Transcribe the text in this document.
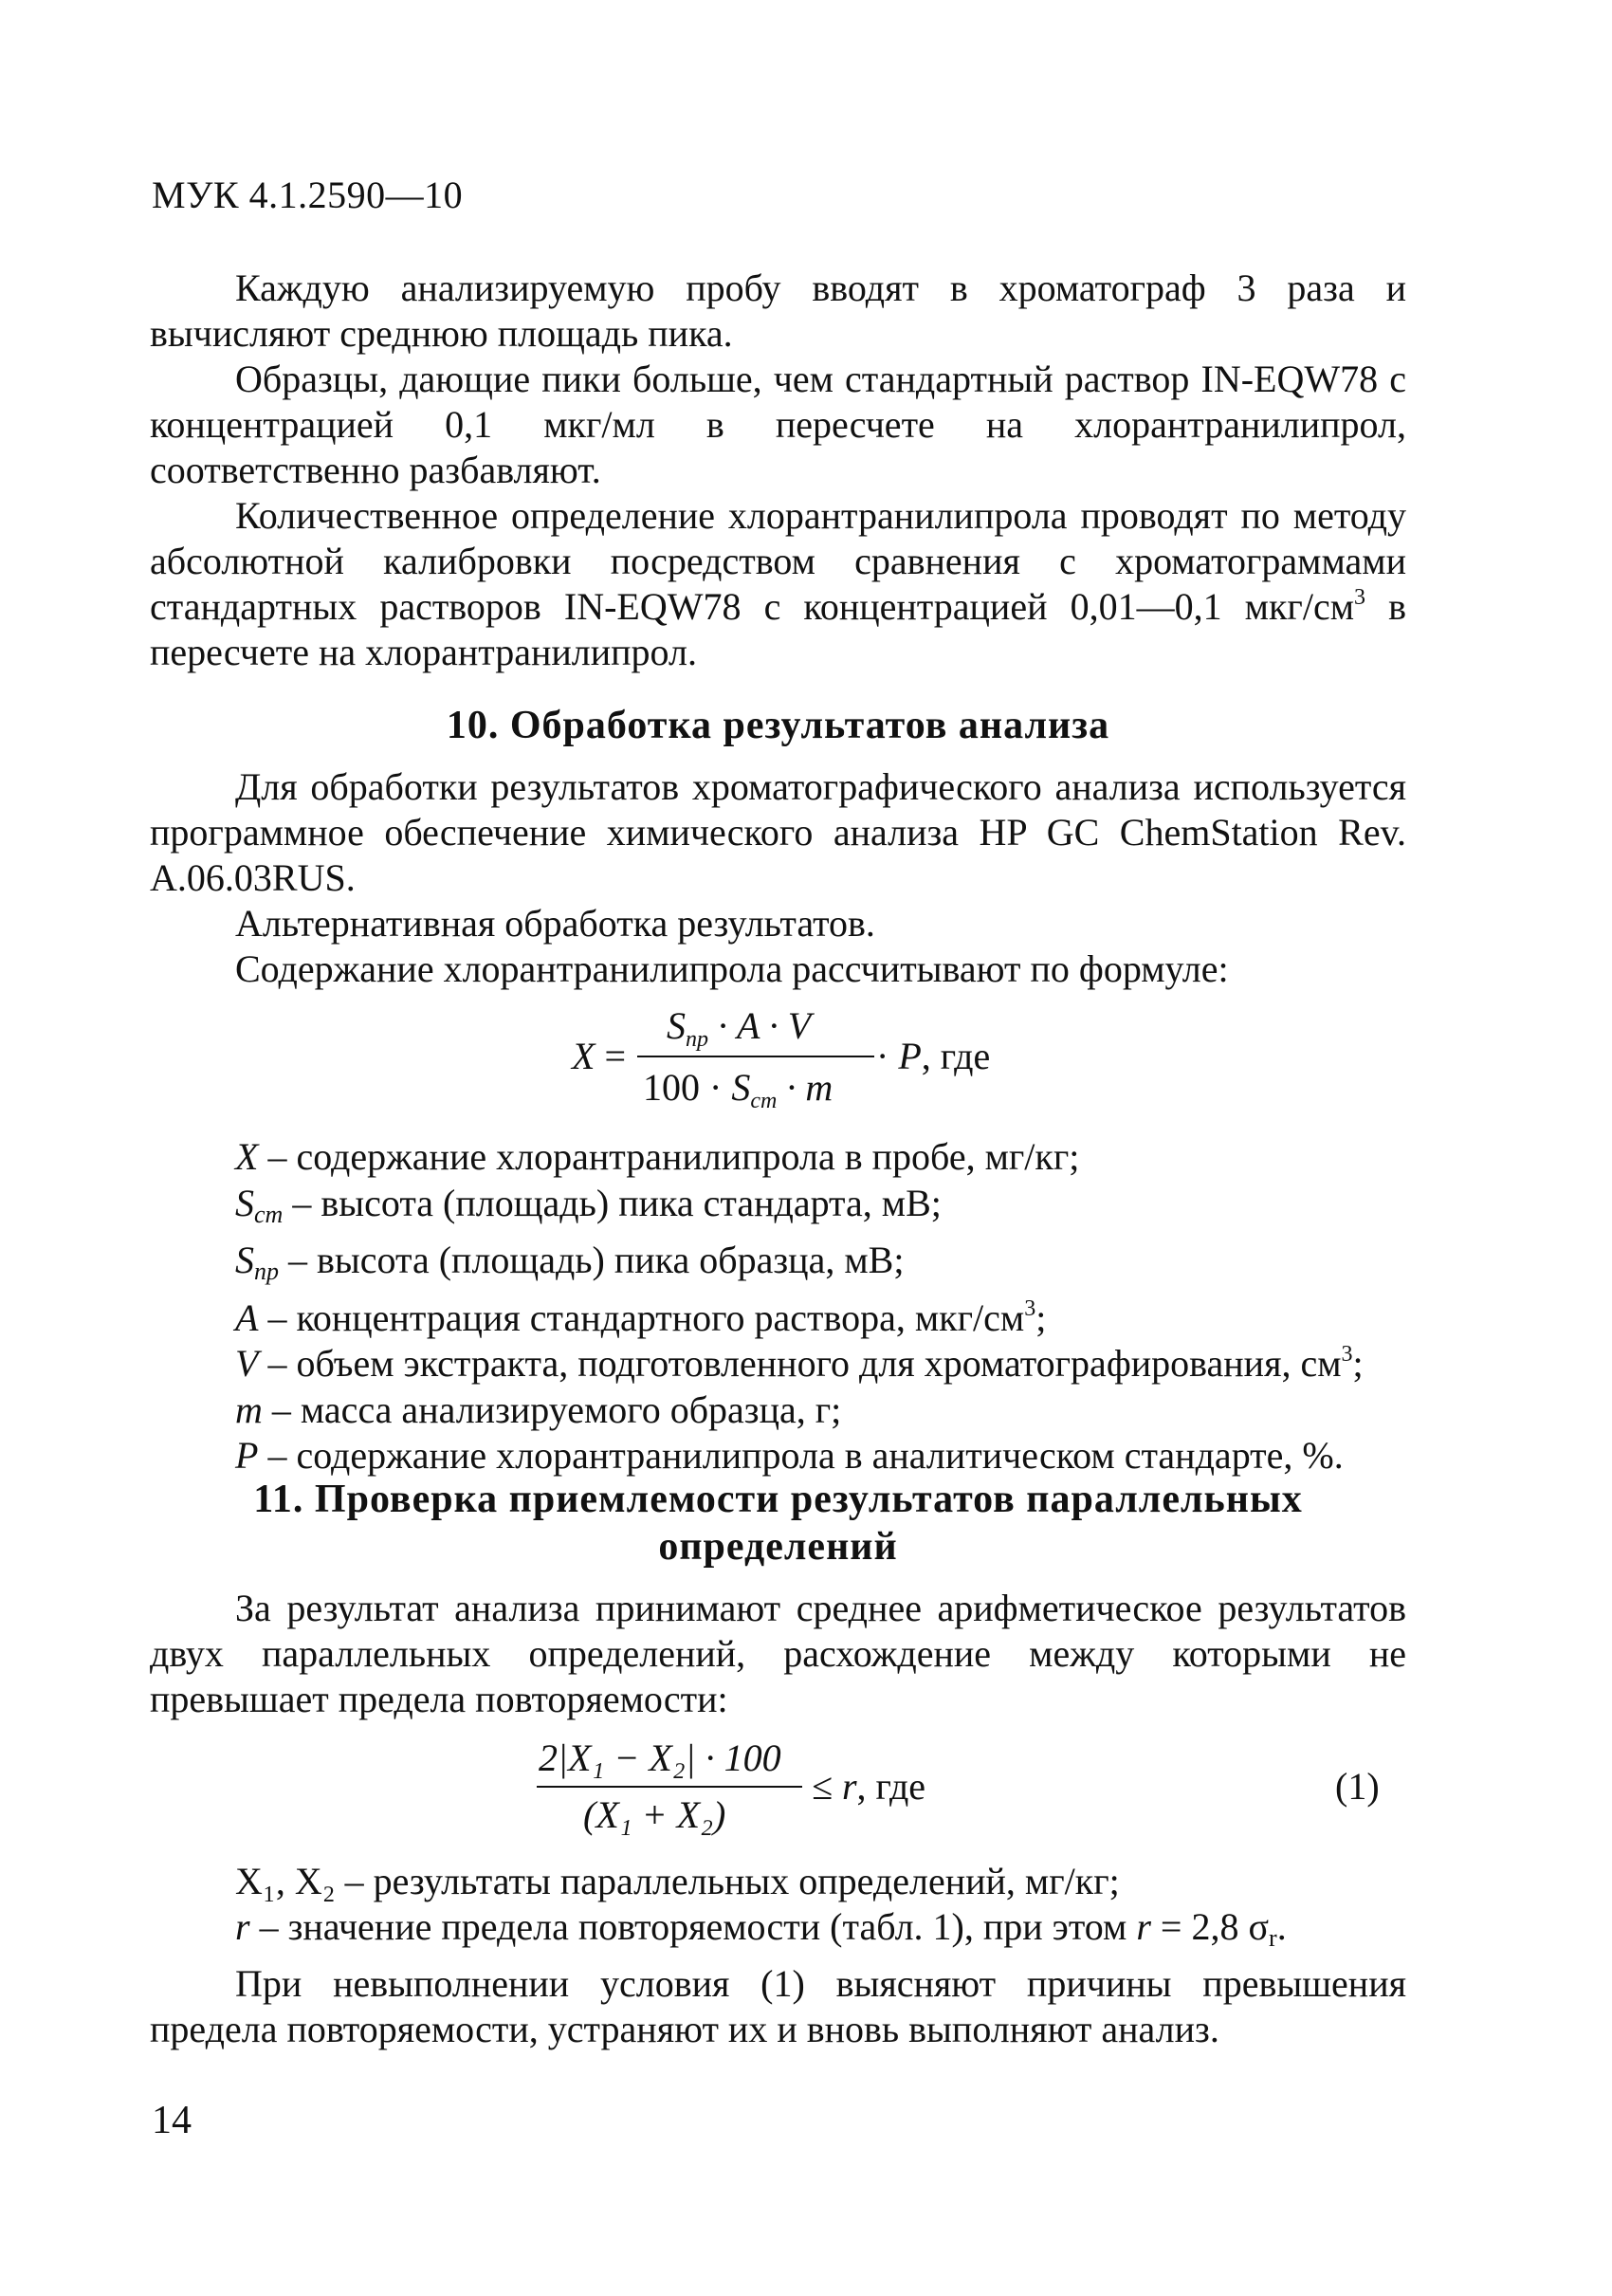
МУК 4.1.2590—10

Каждую анализируемую пробу вводят в хроматограф 3 раза и вычисляют среднюю площадь пика.

Образцы, дающие пики больше, чем стандартный раствор IN-EQW78 с концентрацией 0,1 мкг/мл в пересчете на хлорантранилипрол, соответственно разбавляют.

Количественное определение хлорантранилипрола проводят по методу абсолютной калибровки посредством сравнения с хроматограммами стандартных растворов IN-EQW78 с концентрацией 0,01—0,1 мкг/$см^3$ в пересчете на хлорантранилипрол.

10. Обработка результатов анализа

Для обработки результатов хроматографического анализа используется программное обеспечение химического анализа HP GC ChemStation Rev. A.06.03RUS.

Альтернативная обработка результатов.

Содержание хлорантранилипрола рассчитывают по формуле:

X =
$S_{пр} \cdot A \cdot V$
$100 \cdot S_{ст} \cdot m$
· P, где
X – содержание хлорантранилипрола в пробе, мг/кг;
$S_{ст}$ – высота (площадь) пика стандарта, мВ;
$S_{пр}$ – высота (площадь) пика образца, мВ;
A – концентрация стандартного раствора, мкг/$см^3$;
V – объем экстракта, подготовленного для хроматографирования, $см^3$;
m – масса анализируемого образца, г;
P – содержание хлорантранилипрола в аналитическом стандарте, %.
11. Проверка приемлемости результатов параллельных
определений

За результат анализа принимают среднее арифметическое результатов двух параллельных определений, расхождение между которыми не превышает предела повторяемости:

2|X₁ − X₂| · 100
(X₁ + X₂)
≤ r, где	(1)

X₁, X₂ – результаты параллельных определений, мг/кг;

r – значение предела повторяемости (табл. 1), при этом r = 2,8 σr.

При невыполнении условия (1) выясняют причины превышения предела повторяемости, устраняют их и вновь выполняют анализ.

14
